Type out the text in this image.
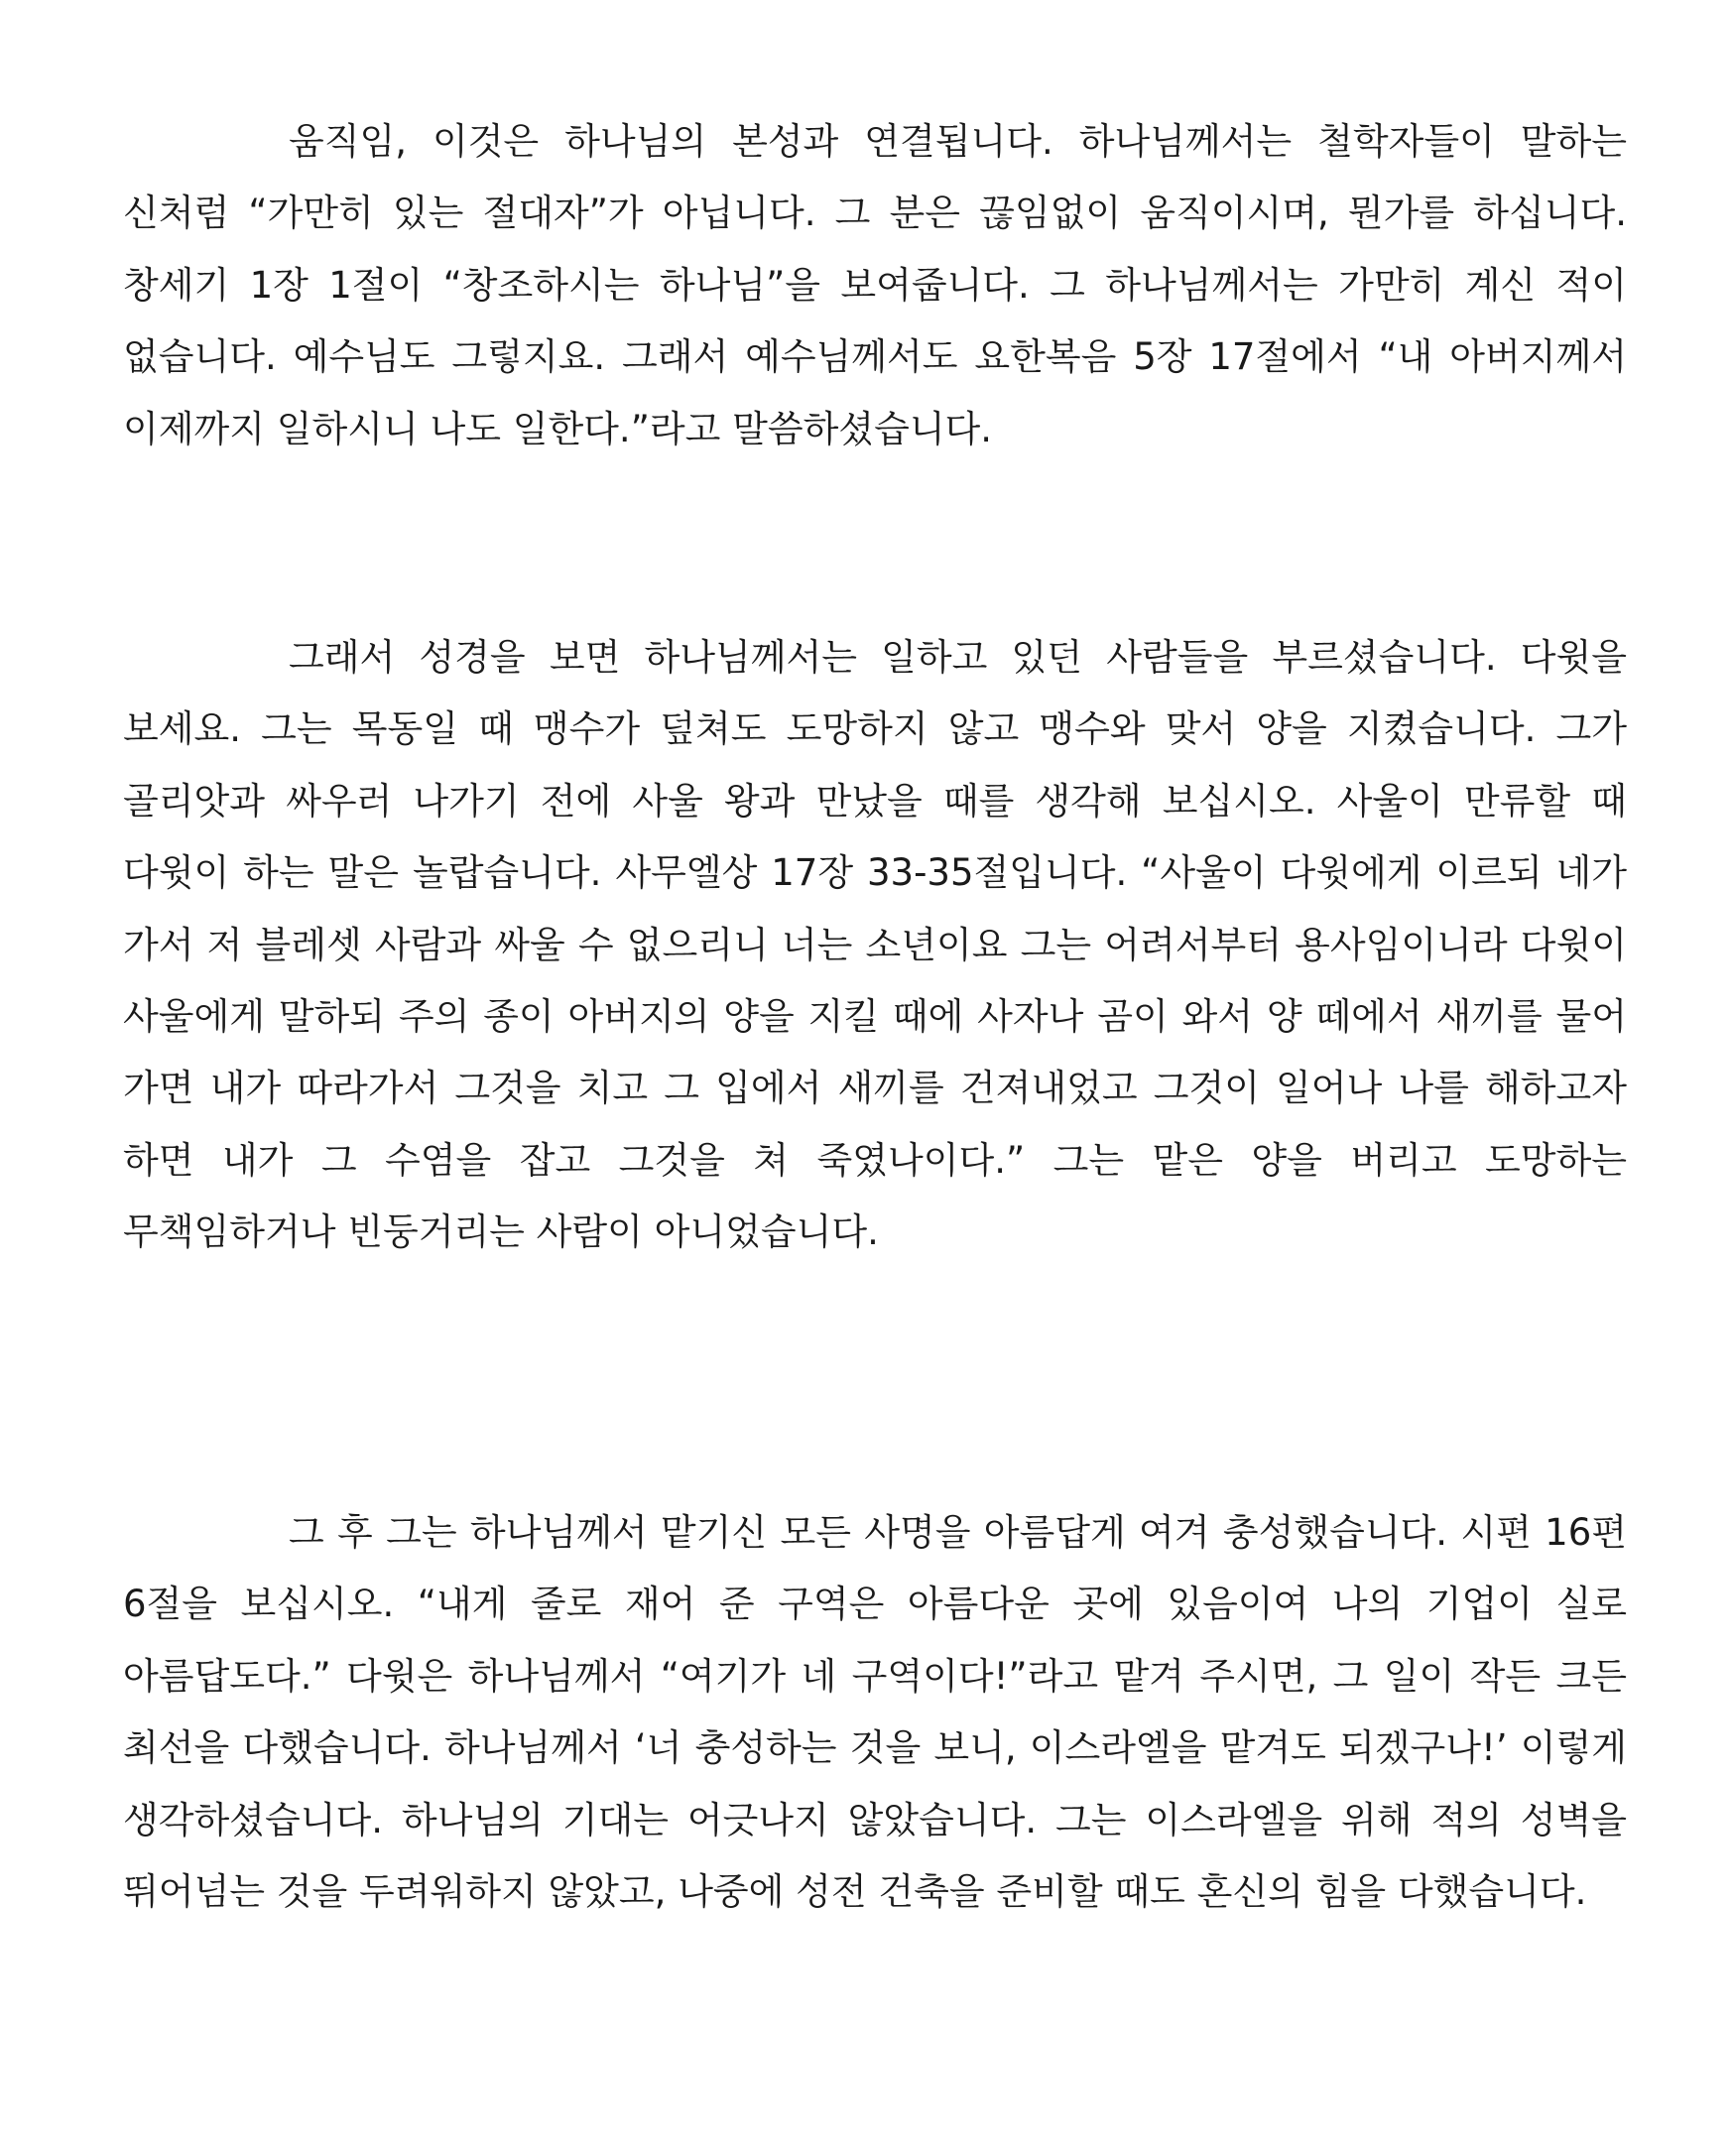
움직임, 이것은 하나님의 본성과 연결됩니다. 하나님께서는 철학자들이 말하는 신처럼 “가만히 있는 절대자”가 아닙니다. 그 분은 끊임없이 움직이시며, 뭔가를 하십니다. 창세기 1장 1절이 “창조하시는 하나님”을 보여줍니다. 그 하나님께서는 가만히 계신 적이 없습니다. 예수님도 그렇지요. 그래서 예수님께서도 요한복음 5장 17절에서 “내 아버지께서 이제까지 일하시니 나도 일한다.”라고 말씀하셨습니다.

그래서 성경을 보면 하나님께서는 일하고 있던 사람들을 부르셨습니다. 다윗을 보세요. 그는 목동일 때 맹수가 덮쳐도 도망하지 않고 맹수와 맞서 양을 지켰습니다. 그가 골리앗과 싸우러 나가기 전에 사울 왕과 만났을 때를 생각해 보십시오. 사울이 만류할 때 다윗이 하는 말은 놀랍습니다. 사무엘상 17장 33-35절입니다. “사울이 다윗에게 이르되 네가 가서 저 블레셋 사람과 싸울 수 없으리니 너는 소년이요 그는 어려서부터 용사임이니라 다윗이 사울에게 말하되 주의 종이 아버지의 양을 지킬 때에 사자나 곰이 와서 양 떼에서 새끼를 물어 가면 내가 따라가서 그것을 치고 그 입에서 새끼를 건져내었고 그것이 일어나 나를 해하고자 하면 내가 그 수염을 잡고 그것을 쳐 죽였나이다.” 그는 맡은 양을 버리고 도망하는 무책임하거나 빈둥거리는 사람이 아니었습니다.

그 후 그는 하나님께서 맡기신 모든 사명을 아름답게 여겨 충성했습니다. 시편 16편 6절을 보십시오. “내게 줄로 재어 준 구역은 아름다운 곳에 있음이여 나의 기업이 실로 아름답도다.” 다윗은 하나님께서 “여기가 네 구역이다!”라고 맡겨 주시면, 그 일이 작든 크든 최선을 다했습니다. 하나님께서 ‘너 충성하는 것을 보니, 이스라엘을 맡겨도 되겠구나!’ 이렇게 생각하셨습니다. 하나님의 기대는 어긋나지 않았습니다. 그는 이스라엘을 위해 적의 성벽을 뛰어넘는 것을 두려워하지 않았고, 나중에 성전 건축을 준비할 때도 혼신의 힘을 다했습니다.
